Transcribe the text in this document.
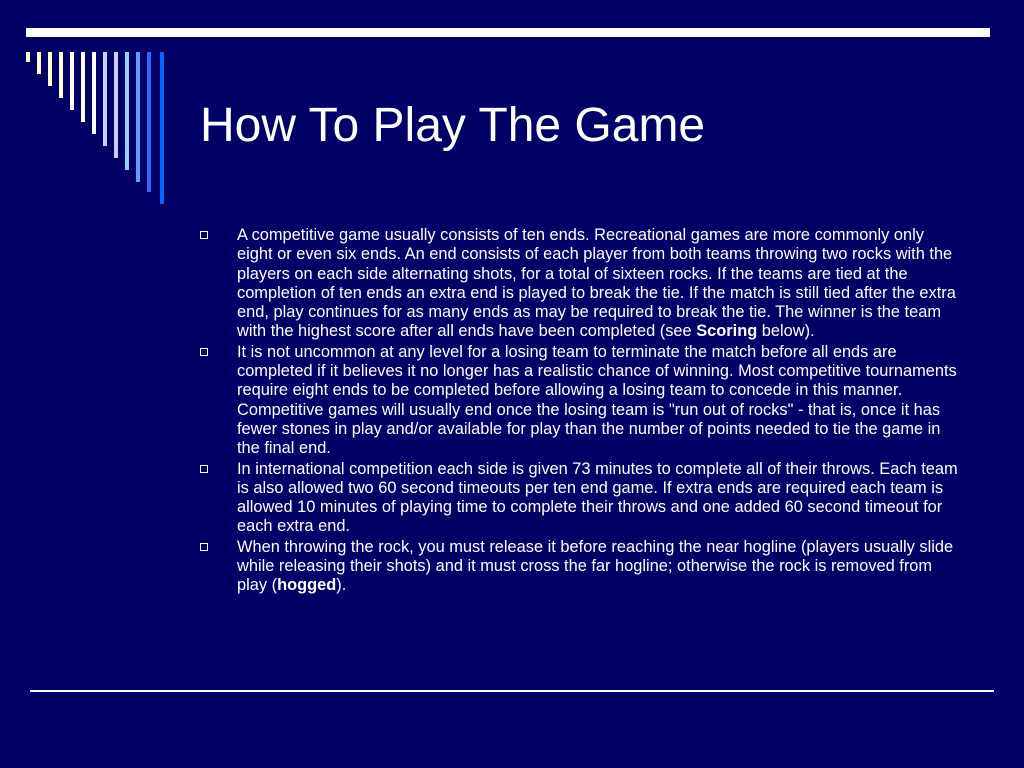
How To Play The Game
A competitive game usually consists of ten ends. Recreational games are more commonly only eight or even six ends. An end consists of each player from both teams throwing two rocks with the players on each side alternating shots, for a total of sixteen rocks. If the teams are tied at the completion of ten ends an extra end is played to break the tie. If the match is still tied after the extra end, play continues for as many ends as may be required to break the tie. The winner is the team with the highest score after all ends have been completed (see Scoring below).
It is not uncommon at any level for a losing team to terminate the match before all ends are completed if it believes it no longer has a realistic chance of winning. Most competitive tournaments require eight ends to be completed before allowing a losing team to concede in this manner. Competitive games will usually end once the losing team is "run out of rocks" - that is, once it has fewer stones in play and/or available for play than the number of points needed to tie the game in the final end.
In international competition each side is given 73 minutes to complete all of their throws. Each team is also allowed two 60 second timeouts per ten end game. If extra ends are required each team is allowed 10 minutes of playing time to complete their throws and one added 60 second timeout for each extra end.
When throwing the rock, you must release it before reaching the near hogline (players usually slide while releasing their shots) and it must cross the far hogline; otherwise the rock is removed from play (hogged).
